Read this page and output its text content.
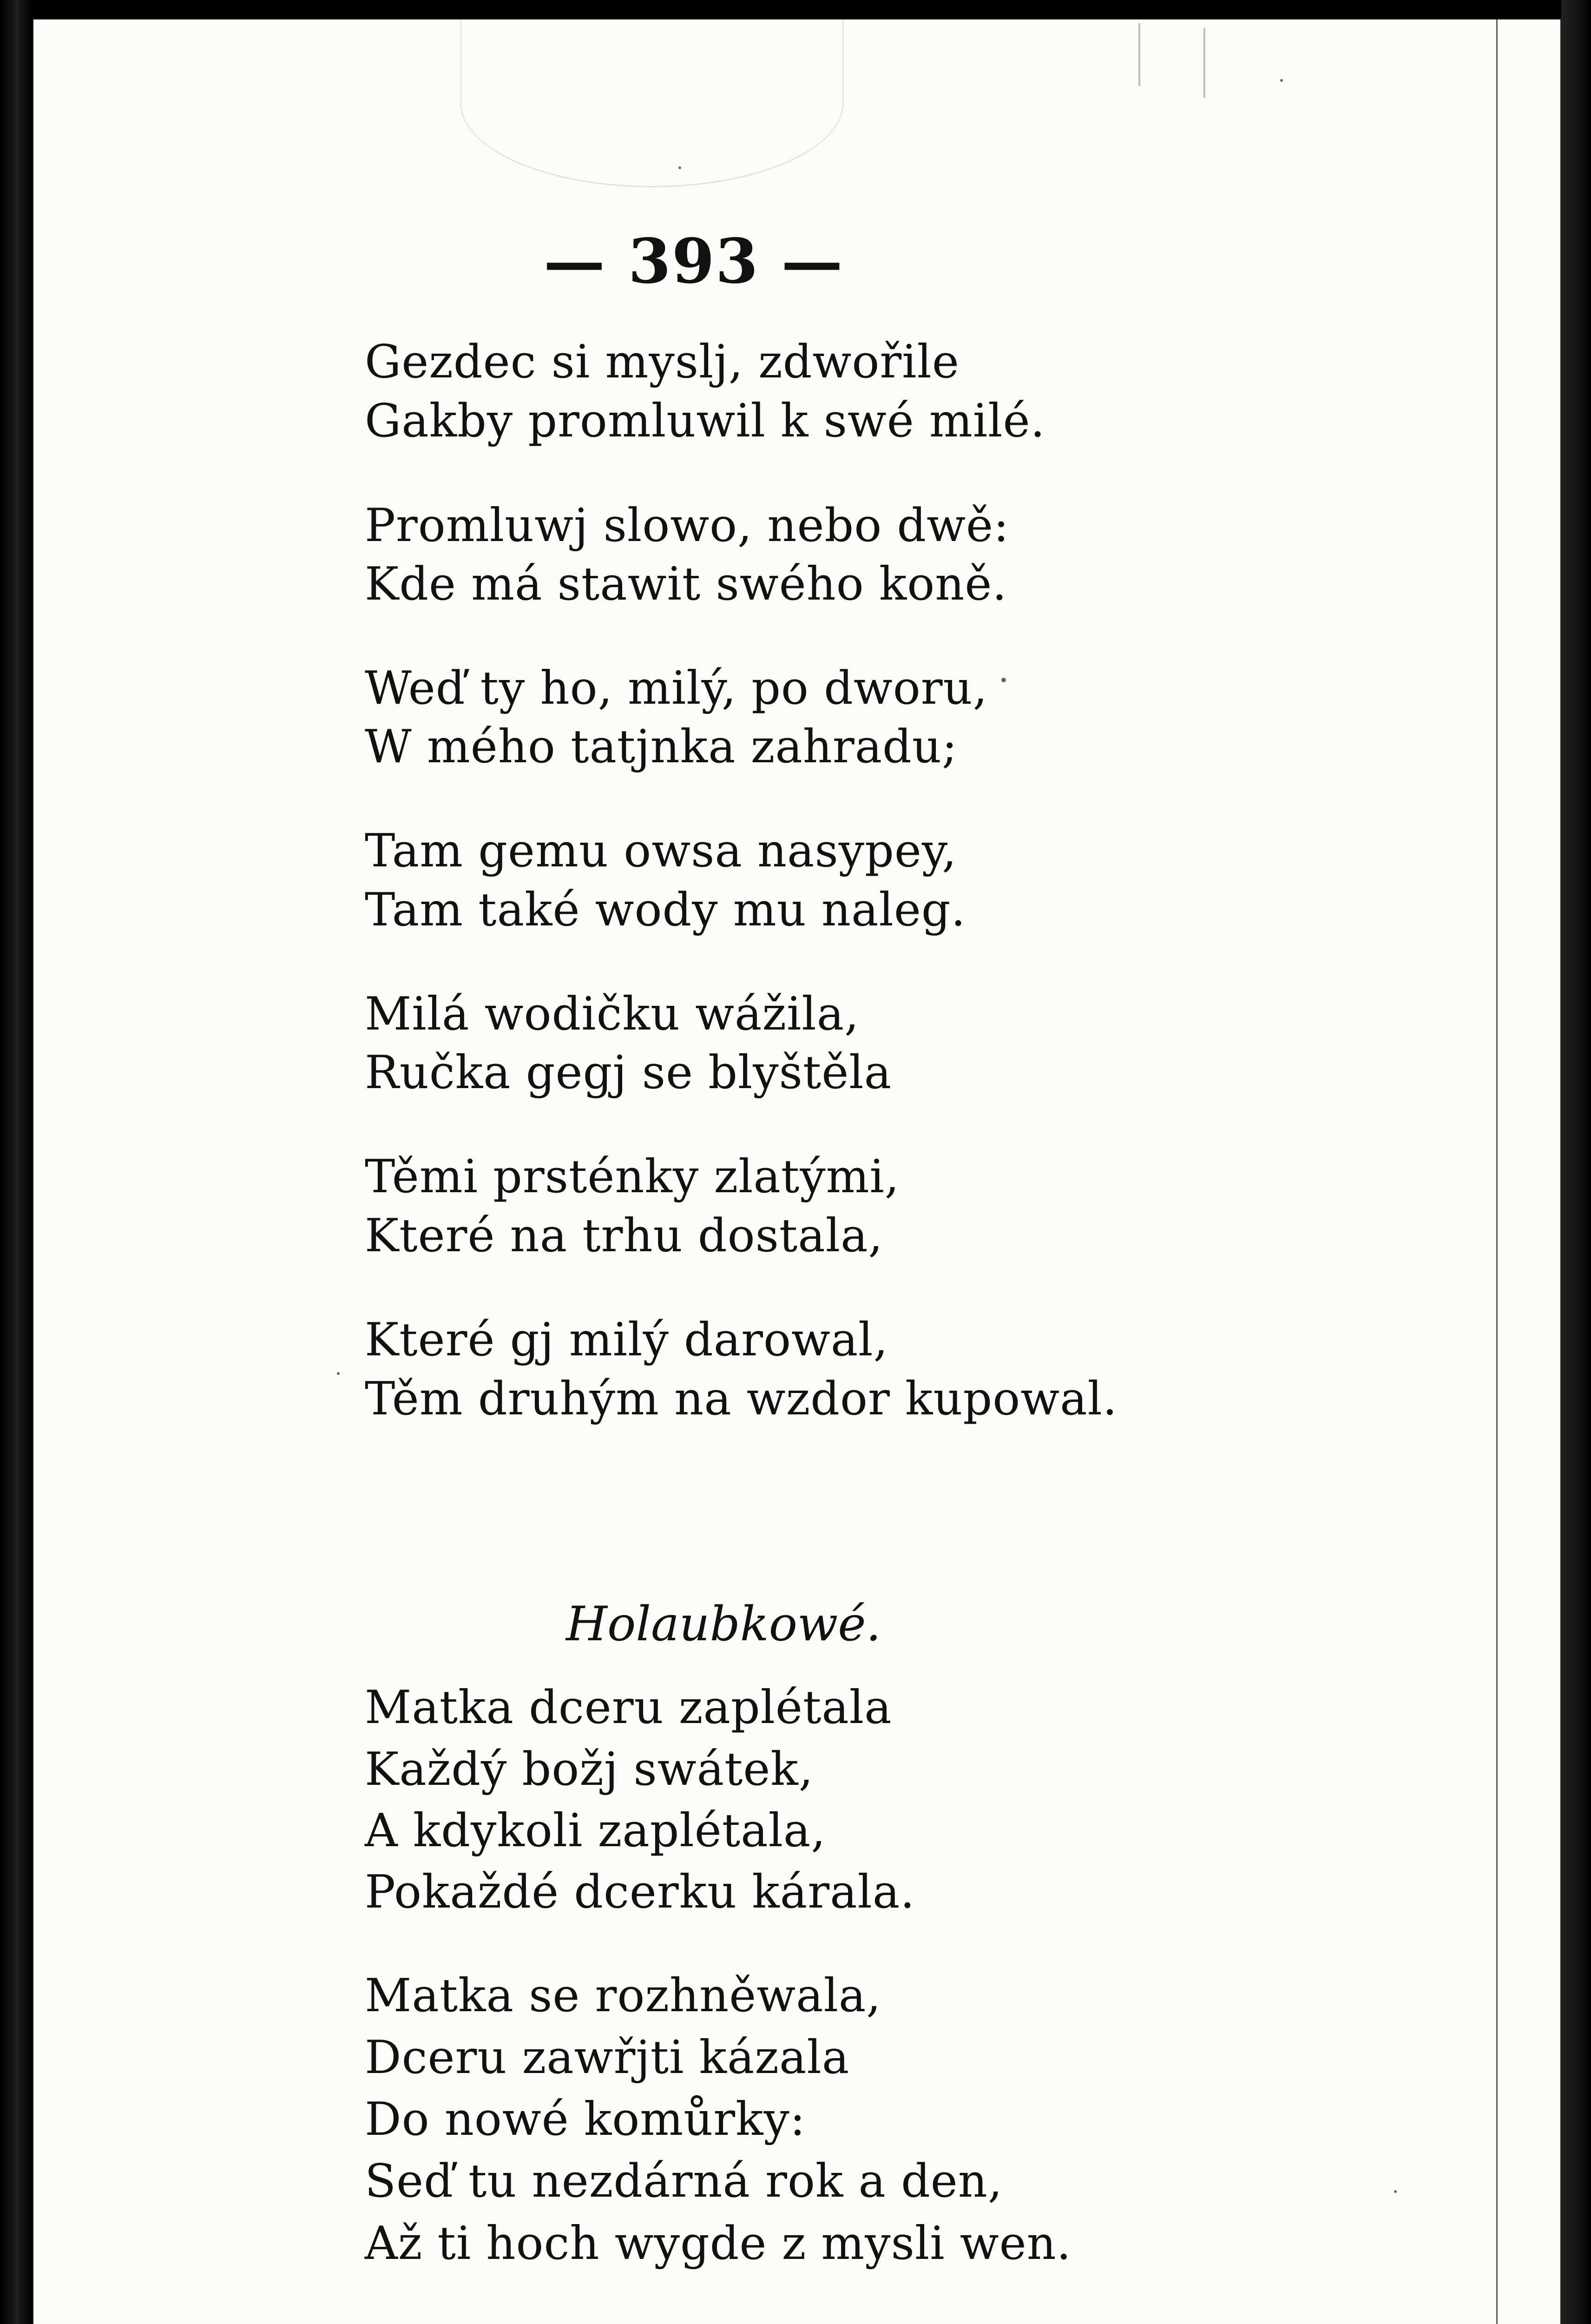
— 393 —
Gezdec si myslj, zdwořile
Gakby promluwil k swé milé.
Promluwj slowo, nebo dwě:
Kde má stawit swého koně.
Weď ty ho, milý, po dworu,
W mého tatjnka zahradu;
Tam gemu owsa nasypey,
Tam také wody mu naleg.
Milá wodičku wážila,
Ručka gegj se blyštěla
Těmi prsténky zlatými,
Které na trhu dostala,
Které gj milý darowal,
Těm druhým na wzdor kupowal.
Matka dceru zaplétala
Každý božj swátek,
A kdykoli zaplétala,
Pokaždé dcerku kárala.
Matka se rozhněwala,
Dceru zawřjti kázala
Do nowé komůrky:
Seď tu nezdárná rok a den,
Až ti hoch wygde z mysli wen.
Holaubkowé.
